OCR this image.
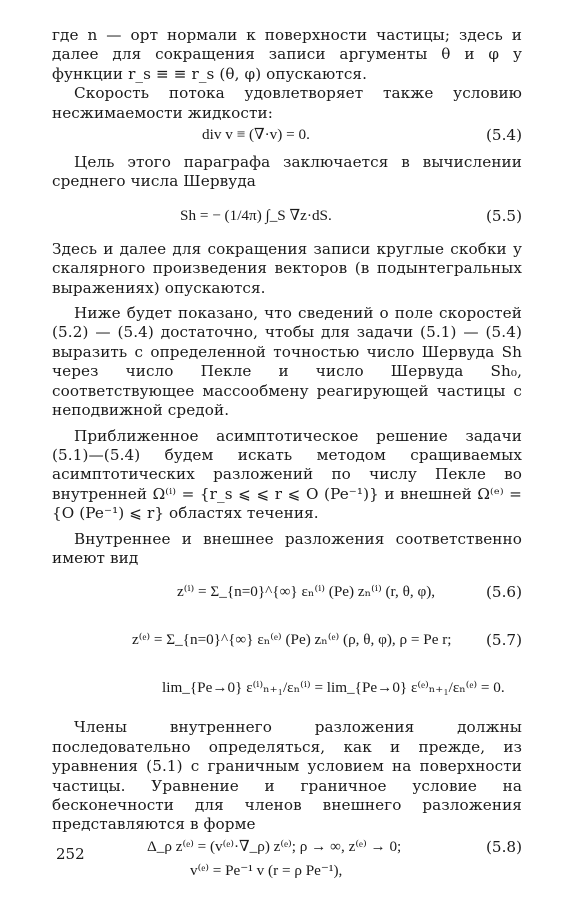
где n — орт нормали к поверхности частицы; здесь и далее для сокращения записи аргументы θ и φ у функции r_s ≡ ≡ r_s (θ, φ) опускаются.

Скорость потока удовлетворяет также условию несжимаемости жидкости:

div v ≡ (∇·v) = 0.	(5.4)

Цель этого параграфа заключается в вычислении среднего числа Шервуда

Sh = − (1/4π) ∫_S ∇z·dS.	(5.5)

Здесь и далее для сокращения записи круглые скобки у скалярного произведения векторов (в подынтегральных выражениях) опускаются.

Ниже будет показано, что сведений о поле скоростей (5.2) — (5.4) достаточно, чтобы для задачи (5.1) — (5.4) выразить с определенной точностью число Шервуда Sh через число Пекле и число Шервуда Sh₀, соответствующее массообмену реагирующей частицы с неподвижной средой.

Приближенное асимптотическое решение задачи (5.1)—(5.4) будем искать методом сращиваемых асимптотических разложений по числу Пекле во внутренней Ω⁽ⁱ⁾ = {r_s ⩽ ⩽ r ⩽ O (Pe⁻¹)} и внешней Ω⁽ᵉ⁾ = {O (Pe⁻¹) ⩽ r} областях течения.

Внутреннее и внешнее разложения соответственно имеют вид

z⁽ⁱ⁾ = Σ_{n=0}^{∞} εₙ⁽ⁱ⁾ (Pe) zₙ⁽ⁱ⁾ (r, θ, φ),	(5.6)
z⁽ᵉ⁾ = Σ_{n=0}^{∞} εₙ⁽ᵉ⁾ (Pe) zₙ⁽ᵉ⁾ (ρ, θ, φ), ρ = Pe r; (5.7)
lim_{Pe→0} ε⁽ⁱ⁾ₙ₊₁/εₙ⁽ⁱ⁾ = lim_{Pe→0} ε⁽ᵉ⁾ₙ₊₁/εₙ⁽ᵉ⁾ = 0.

Члены внутреннего разложения должны последовательно определяться, как и прежде, из уравнения (5.1) с граничным условием на поверхности частицы. Уравнение и граничное условие на бесконечности для членов внешнего разложения представляются в форме

Δ_ρ z⁽ᵉ⁾ = (v⁽ᵉ⁾·∇_ρ) z⁽ᵉ⁾; ρ → ∞, z⁽ᵉ⁾ → 0;	(5.8)
v⁽ᵉ⁾ = Pe⁻¹ v (r = ρ Pe⁻¹),
252
